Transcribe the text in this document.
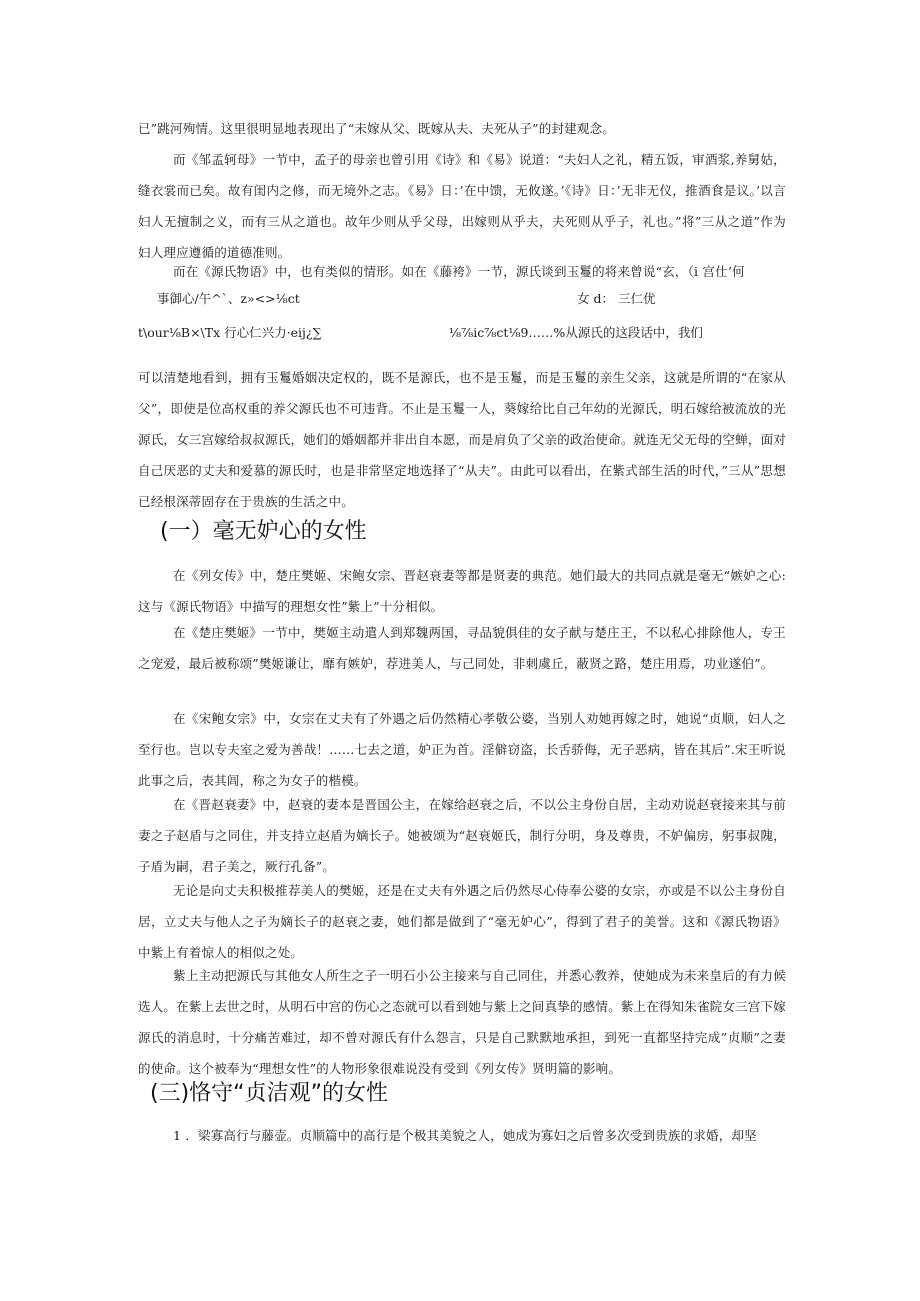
已”跳河殉情。这里很明显地表现出了“未嫁从父、既嫁从夫、夫死从子”的封建观念。

而《邹孟轲母》一节中，孟子的母亲也曾引用《诗》和《易》说道：“夫妇人之礼，精五饭，审酒浆,养舅姑，缝衣裳而已矣。故有闺内之修，而无境外之志。《易》日：’在中馈，无攸遂。’《诗》日：’无非无仪，推酒食是议。’以言妇人无擅制之义，而有三从之道也。故年少则从乎父母，出嫁则从乎夫，夫死则从乎子，礼也。”将”三从之道”作为妇人理应遵循的道德准则。

而在《源氏物语》中，也有类似的情形。如在《藤袴》一节，源氏谈到玉鬘的将来曾说“玄，（i 宫仕’何

事御心/午^`、z»<>⅛ct	女 d： 三仁优

t\our⅛B×\Tx 行心仁兴力·eij¿∑	⅛⅞ic⅞ct⅛9……%从源氏的这段话中，我们

可以清楚地看到，拥有玉鬘婚姻决定权的，既不是源氏，也不是玉鬘，而是玉鬘的亲生父亲，这就是所谓的“在家从父”，即使是位高权重的养父源氏也不可违背。不止是玉鬘一人，葵嫁给比自己年幼的光源氏，明石嫁给被流放的光源氏，女三宫嫁给叔叔源氏，她们的婚姻都并非出自本愿，而是肩负了父亲的政治使命。就连无父无母的空蝉，面对自己厌恶的丈夫和爱慕的源氏时，也是非常坚定地选择了“从夫”。由此可以看出，在紫式部生活的时代，”三从”思想已经根深蒂固存在于贵族的生活之中。

(一）毫无妒心的女性

在《列女传》中，楚庄樊姬、宋鲍女宗、晋赵衰妻等都是贤妻的典范。她们最大的共同点就是毫无“嫉妒之心:这与《源氏物语》中描写的理想女性”紫上”十分相似。

在《楚庄樊姬》一节中，樊姬主动遣人到郑魏两国，寻品貌俱佳的女子献与楚庄王，不以私心排除他人，专王之宠爱，最后被称颂”樊姬谦让，靡有嫉妒，荐进美人，与己同处，非刺虞丘，蔽贤之路，楚庄用焉，功业遂伯”。

在《宋鲍女宗》中，女宗在丈夫有了外遇之后仍然精心孝敬公婆，当别人劝她再嫁之时，她说“贞顺，妇人之至行也。岂以专夫室之爱为善哉！……七去之道，妒正为首。淫僻窃盗，长舌骄侮，无子恶病，皆在其后”.宋王听说此事之后，表其闾，称之为女子的楷模。

在《晋赵衰妻》中，赵衰的妻本是晋国公主，在嫁给赵衰之后，不以公主身份自居，主动劝说赵衰接来其与前妻之子赵盾与之同住，并支持立赵盾为嫡长子。她被颂为“赵衰姬氏，制行分明，身及尊贵，不妒偏房，躬事叔隗，子盾为嗣，君子美之，厥行孔备”。

无论是向丈夫积极推荐美人的樊姬，还是在丈夫有外遇之后仍然尽心侍奉公婆的女宗，亦或是不以公主身份自居，立丈夫与他人之子为嫡长子的赵衰之妻，她们都是做到了“毫无妒心”，得到了君子的美誉。这和《源氏物语》中紫上有着惊人的相似之处。

紫上主动把源氏与其他女人所生之子一明石小公主接来与自己同住，并悉心教养，使她成为未来皇后的有力候选人。在紫上去世之时，从明石中宫的伤心之态就可以看到她与紫上之间真挚的感情。紫上在得知朱雀院女三宫下嫁源氏的消息时，十分痛苦难过，却不曾对源氏有什么怨言，只是自己默默地承担，到死一直都坚持完成”贞顺”之妻的使命。这个被奉为“理想女性”的人物形象很难说没有受到《列女传》贤明篇的影响。

(三)恪守“贞洁观”的女性

1 ．梁寡高行与藤壶。贞顺篇中的高行是个极其美貌之人，她成为寡妇之后曾多次受到贵族的求婚，却坚
